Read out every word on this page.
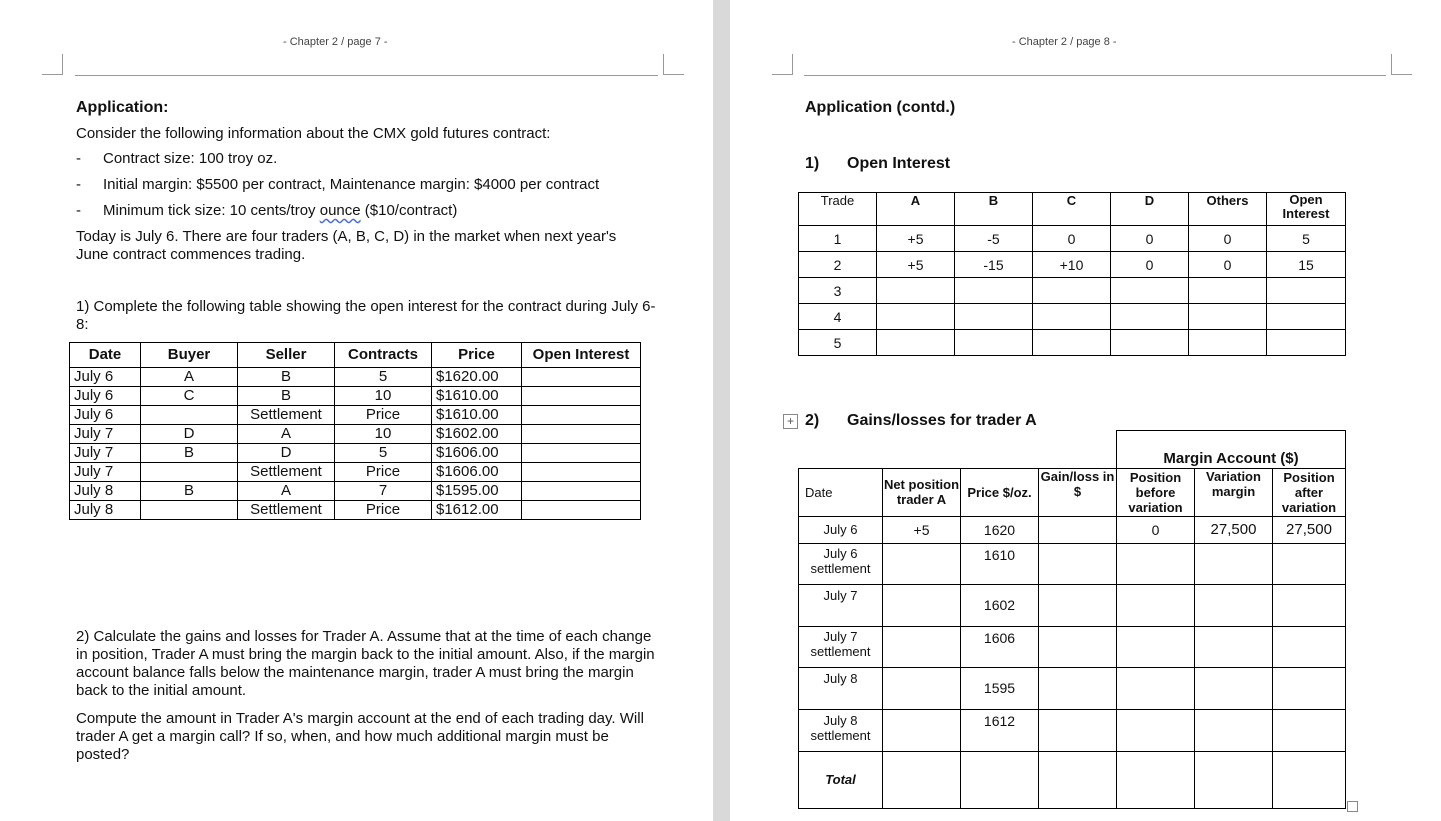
- Chapter 2 / page 7 -
Application:
Consider the following information about the CMX gold futures contract:
- Contract size: 100 troy oz.
- Initial margin: $5500 per contract, Maintenance margin: $4000 per contract
- Minimum tick size: 10 cents/troy ounce ($10/contract)
Today is July 6. There are four traders (A, B, C, D) in the market when next year's June contract commences trading.
1) Complete the following table showing the open interest for the contract during July 6-8:
Date	Buyer	Seller	Contracts	Price	Open Interest
July 6	A	B	5	$1620.00	
July 6	C	B	10	$1610.00	
July 6		Settlement	Price	$1610.00	
July 7	D	A	10	$1602.00	
July 7	B	D	5	$1606.00	
July 7		Settlement	Price	$1606.00	
July 8	B	A	7	$1595.00	
July 8		Settlement	Price	$1612.00	
2) Calculate the gains and losses for Trader A. Assume that at the time of each change in position, Trader A must bring the margin back to the initial amount. Also, if the margin account balance falls below the maintenance margin, trader A must bring the margin back to the initial amount.
Compute the amount in Trader A's margin account at the end of each trading day. Will trader A get a margin call? If so, when, and how much additional margin must be posted?
- Chapter 2 / page 8 -
Application (contd.)
1) Open Interest
Trade	A	B	C	D	Others	Open Interest
1	+5	-5	0	0	0	5
2	+5	-15	+10	0	0	15
3						
4						
5						
+ 2) Gains/losses for trader A
				Margin Account ($)		
Date	Net position trader A	Price $/oz.	Gain/loss in $	Position before variation	Variation margin	Position after variation
July 6	+5	1620		0	27,500	27,500
July 6 settlement		1610				
July 7		1602				
July 7 settlement		1606				
July 8		1595				
July 8 settlement		1612				
Total						
